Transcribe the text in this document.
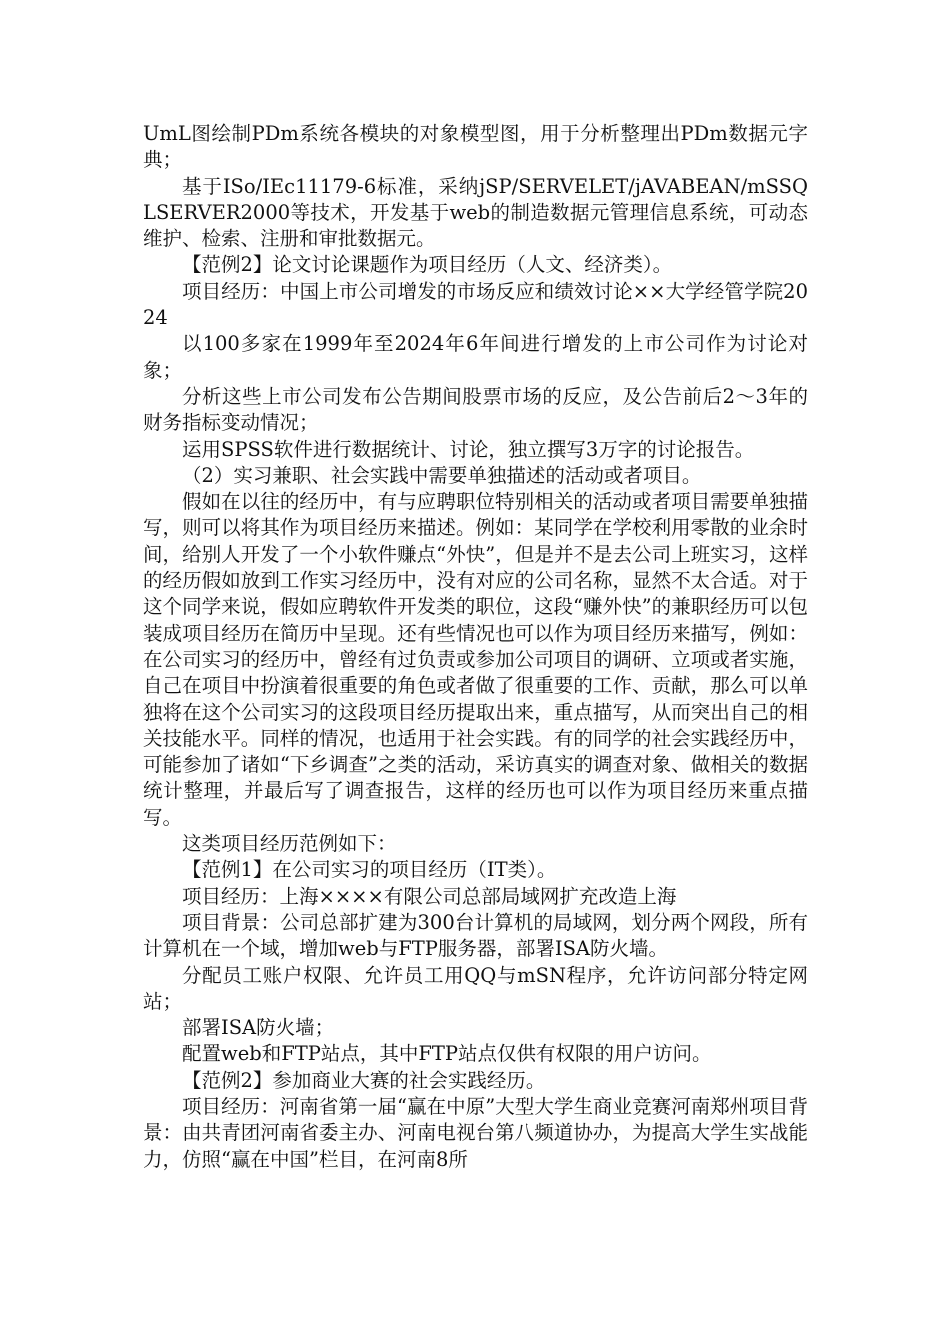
UmL图绘制PDm系统各模块的对象模型图，用于分析整理出PDm数据元字典；

基于ISo/IEc11179-6标准，采纳jSP/SERVELET/jAVABEAN/mSSQLSERVER2000等技术，开发基于web的制造数据元管理信息系统，可动态维护、检索、注册和审批数据元。

【范例2】论文讨论课题作为项目经历（人文、经济类）。

项目经历：中国上市公司增发的市场反应和绩效讨论××大学经管学院2024

以100多家在1999年至2024年6年间进行增发的上市公司作为讨论对象；

分析这些上市公司发布公告期间股票市场的反应，及公告前后2～3年的财务指标变动情况；

运用SPSS软件进行数据统计、讨论，独立撰写3万字的讨论报告。

（2）实习兼职、社会实践中需要单独描述的活动或者项目。

假如在以往的经历中，有与应聘职位特别相关的活动或者项目需要单独描写，则可以将其作为项目经历来描述。例如：某同学在学校利用零散的业余时间，给别人开发了一个小软件赚点“外快”，但是并不是去公司上班实习，这样的经历假如放到工作实习经历中，没有对应的公司名称，显然不太合适。对于这个同学来说，假如应聘软件开发类的职位，这段“赚外快”的兼职经历可以包装成项目经历在简历中呈现。还有些情况也可以作为项目经历来描写，例如：在公司实习的经历中，曾经有过负责或参加公司项目的调研、立项或者实施，自己在项目中扮演着很重要的角色或者做了很重要的工作、贡献，那么可以单独将在这个公司实习的这段项目经历提取出来，重点描写，从而突出自己的相关技能水平。同样的情况，也适用于社会实践。有的同学的社会实践经历中，可能参加了诸如“下乡调查”之类的活动，采访真实的调查对象、做相关的数据统计整理，并最后写了调查报告，这样的经历也可以作为项目经历来重点描写。

这类项目经历范例如下：

【范例1】在公司实习的项目经历（IT类）。

项目经历：上海××××有限公司总部局域网扩充改造上海

项目背景：公司总部扩建为300台计算机的局域网，划分两个网段，所有计算机在一个域，增加web与FTP服务器，部署ISA防火墙。

分配员工账户权限、允许员工用QQ与mSN程序，允许访问部分特定网站；

部署ISA防火墙；

配置web和FTP站点，其中FTP站点仅供有权限的用户访问。

【范例2】参加商业大赛的社会实践经历。

项目经历：河南省第一届“赢在中原”大型大学生商业竞赛河南郑州项目背景：由共青团河南省委主办、河南电视台第八频道协办，为提高大学生实战能力，仿照“赢在中国”栏目，在河南8所
